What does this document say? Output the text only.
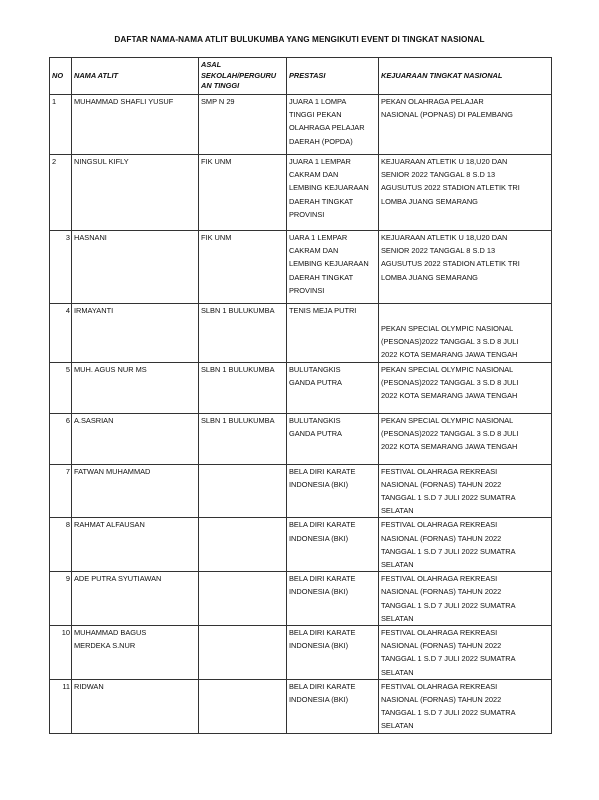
DAFTAR NAMA-NAMA ATLIT BULUKUMBA YANG MENGIKUTI EVENT DI TINGKAT NASIONAL
NO	NAMA ATLIT	ASAL
SEKOLAH/PERGURU
AN TINGGI	PRESTASI	KEJUARAAN TINGKAT NASIONAL
1	MUHAMMAD SHAFLI YUSUF	SMP N 29	JUARA 1 LOMPA
TINGGI PEKAN
OLAHRAGA PELAJAR
DAERAH (POPDA)	PEKAN OLAHRAGA PELAJAR
NASIONAL (POPNAS) DI PALEMBANG
2	NINGSUL KIFLY	FIK UNM	JUARA 1 LEMPAR
CAKRAM DAN
LEMBING KEJUARAAN
DAERAH TINGKAT
PROVINSI	KEJUARAAN ATLETIK U 18,U20 DAN
SENIOR 2022 TANGGAL 8 S.D 13
AGUSUTUS 2022 STADION ATLETIK TRI
LOMBA JUANG SEMARANG
3	HASNANI	FIK UNM	UARA 1 LEMPAR
CAKRAM DAN
LEMBING KEJUARAAN
DAERAH TINGKAT
PROVINSI	KEJUARAAN ATLETIK U 18,U20 DAN
SENIOR 2022 TANGGAL 8 S.D 13
AGUSUTUS 2022 STADION ATLETIK TRI
LOMBA JUANG SEMARANG
4	IRMAYANTI	SLBN 1 BULUKUMBA	TENIS MEJA PUTRI	PEKAN SPECIAL OLYMPIC NASIONAL
(PESONAS)2022 TANGGAL 3 S.D 8 JULI
2022 KOTA SEMARANG JAWA TENGAH

5	MUH. AGUS NUR MS	SLBN 1 BULUKUMBA	BULUTANGKIS
GANDA PUTRA	PEKAN SPECIAL OLYMPIC NASIONAL
(PESONAS)2022 TANGGAL 3 S.D 8 JULI
2022 KOTA SEMARANG JAWA TENGAH
6	A.SASRIAN	SLBN 1 BULUKUMBA	BULUTANGKIS
GANDA PUTRA	PEKAN SPECIAL OLYMPIC NASIONAL
(PESONAS)2022 TANGGAL 3 S.D 8 JULI
2022 KOTA SEMARANG JAWA TENGAH
7	FATWAN MUHAMMAD		BELA DIRI KARATE
INDONESIA (BKI)	FESTIVAL OLAHRAGA REKREASI
NASIONAL (FORNAS) TAHUN 2022
TANGGAL 1 S.D 7 JULI 2022 SUMATRA
SELATAN
8	RAHMAT ALFAUSAN		BELA DIRI KARATE
INDONESIA (BKI)	FESTIVAL OLAHRAGA REKREASI
NASIONAL (FORNAS) TAHUN 2022
TANGGAL 1 S.D 7 JULI 2022 SUMATRA
SELATAN
9	ADE PUTRA SYUTIAWAN		BELA DIRI KARATE
INDONESIA (BKI)	FESTIVAL OLAHRAGA REKREASI
NASIONAL (FORNAS) TAHUN 2022
TANGGAL 1 S.D 7 JULI 2022 SUMATRA
SELATAN
10	MUHAMMAD BAGUS
MERDEKA S.NUR		BELA DIRI KARATE
INDONESIA (BKI)	FESTIVAL OLAHRAGA REKREASI
NASIONAL (FORNAS) TAHUN 2022
TANGGAL 1 S.D 7 JULI 2022 SUMATRA
SELATAN
11	RIDWAN		BELA DIRI KARATE
INDONESIA (BKI)	FESTIVAL OLAHRAGA REKREASI
NASIONAL (FORNAS) TAHUN 2022
TANGGAL 1 S.D 7 JULI 2022 SUMATRA
SELATAN
